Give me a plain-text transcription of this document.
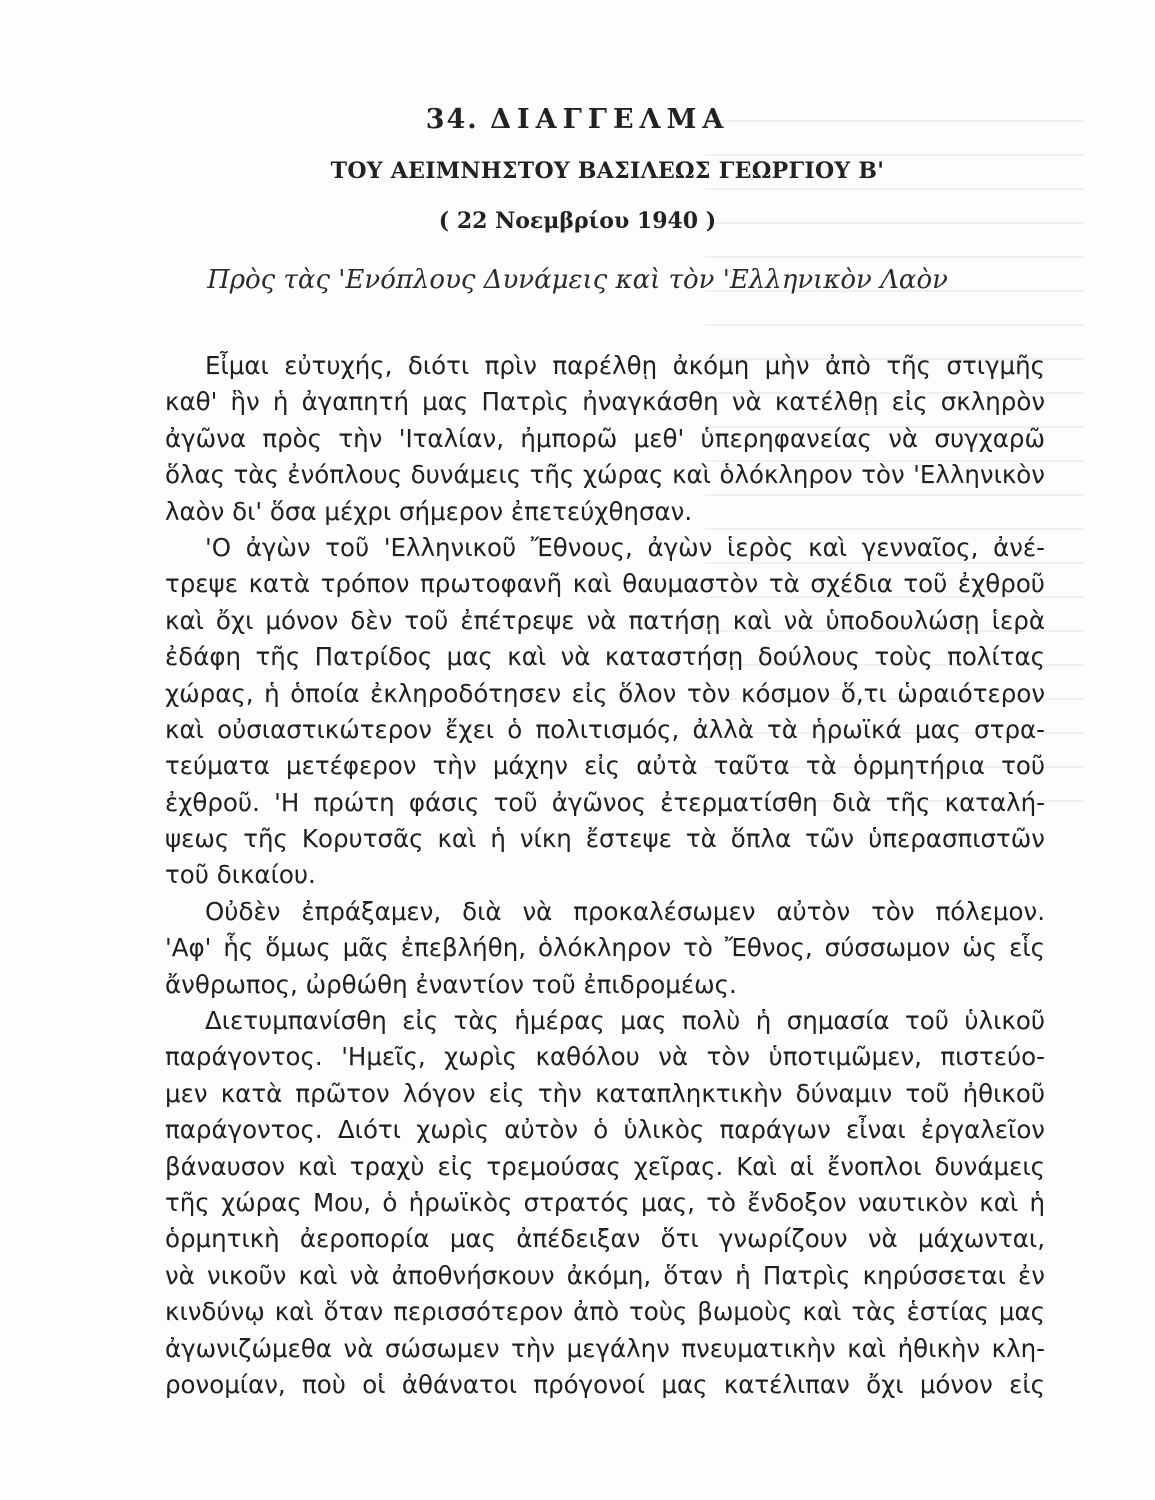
34. ΔΙΑΓΓΕΛΜΑ
ΤΟΥ ΑΕΙΜΝΗΣΤΟΥ ΒΑΣΙΛΕΩΣ ΓΕΩΡΓΙΟΥ Β'
( 22 Νοεμβρίου 1940 )
Πρὸς τὰς 'Ενόπλους Δυνάμεις καὶ τὸν 'Ελληνικὸν Λαὸν
Εἶμαι εὐτυχής, διότι πρὶν παρέλθῃ ἀκόμη μὴν ἀπὸ τῆς στιγμῆς
καθ' ἣν ἡ ἀγαπητή μας Πατρὶς ἠναγκάσθη νὰ κατέλθῃ εἰς σκληρὸν
ἀγῶνα πρὸς τὴν 'Ιταλίαν, ἠμπορῶ μεθ' ὑπερηφανείας νὰ συγχαρῶ
ὅλας τὰς ἐνόπλους δυνάμεις τῆς χώρας καὶ ὁλόκληρον τὸν 'Ελληνικὸν
λαὸν δι' ὅσα μέχρι σήμερον ἐπετεύχθησαν.
'Ο ἀγὼν τοῦ 'Ελληνικοῦ Ἔθνους, ἀγὼν ἱερὸς καὶ γενναῖος, ἀνέ-
τρεψε κατὰ τρόπον πρωτοφανῆ καὶ θαυμαστὸν τὰ σχέδια τοῦ ἐχθροῦ
καὶ ὄχι μόνον δὲν τοῦ ἐπέτρεψε νὰ πατήσῃ καὶ νὰ ὑποδουλώσῃ ἱερὰ
ἐδάφη τῆς Πατρίδος μας καὶ νὰ καταστήσῃ δούλους τοὺς πολίτας
χώρας, ἡ ὁποία ἐκληροδότησεν εἰς ὅλον τὸν κόσμον ὅ,τι ὡραιότερον
καὶ οὐσιαστικώτερον ἔχει ὁ πολιτισμός, ἀλλὰ τὰ ἡρωϊκά μας στρα-
τεύματα μετέφερον τὴν μάχην εἰς αὐτὰ ταῦτα τὰ ὁρμητήρια τοῦ
ἐχθροῦ. 'Η πρώτη φάσις τοῦ ἀγῶνος ἐτερματίσθη διὰ τῆς καταλή-
ψεως τῆς Κορυτσᾶς καὶ ἡ νίκη ἔστεψε τὰ ὅπλα τῶν ὑπερασπιστῶν
τοῦ δικαίου.
Οὐδὲν ἐπράξαμεν, διὰ νὰ προκαλέσωμεν αὐτὸν τὸν πόλεμον.
'Αφ' ἧς ὅμως μᾶς ἐπεβλήθη, ὁλόκληρον τὸ Ἔθνος, σύσσωμον ὡς εἷς
ἄνθρωπος, ὠρθώθη ἐναντίον τοῦ ἐπιδρομέως.
Διετυμπανίσθη εἰς τὰς ἡμέρας μας πολὺ ἡ σημασία τοῦ ὑλικοῦ
παράγοντος. 'Ημεῖς, χωρὶς καθόλου νὰ τὸν ὑποτιμῶμεν, πιστεύο-
μεν κατὰ πρῶτον λόγον εἰς τὴν καταπληκτικὴν δύναμιν τοῦ ἠθικοῦ
παράγοντος. Διότι χωρὶς αὐτὸν ὁ ὑλικὸς παράγων εἶναι ἐργαλεῖον
βάναυσον καὶ τραχὺ εἰς τρεμούσας χεῖρας. Καὶ αἱ ἔνοπλοι δυνάμεις
τῆς χώρας Μου, ὁ ἡρωϊκὸς στρατός μας, τὸ ἔνδοξον ναυτικὸν καὶ ἡ
ὁρμητικὴ ἀεροπορία μας ἀπέδειξαν ὅτι γνωρίζουν νὰ μάχωνται,
νὰ νικοῦν καὶ νὰ ἀποθνήσκουν ἀκόμη, ὅταν ἡ Πατρὶς κηρύσσεται ἐν
κινδύνῳ καὶ ὅταν περισσότερον ἀπὸ τοὺς βωμοὺς καὶ τὰς ἑστίας μας
ἀγωνιζώμεθα νὰ σώσωμεν τὴν μεγάλην πνευματικὴν καὶ ἠθικὴν κλη-
ρονομίαν, ποὺ οἱ ἀθάνατοι πρόγονοί μας κατέλιπαν ὄχι μόνον εἰς
